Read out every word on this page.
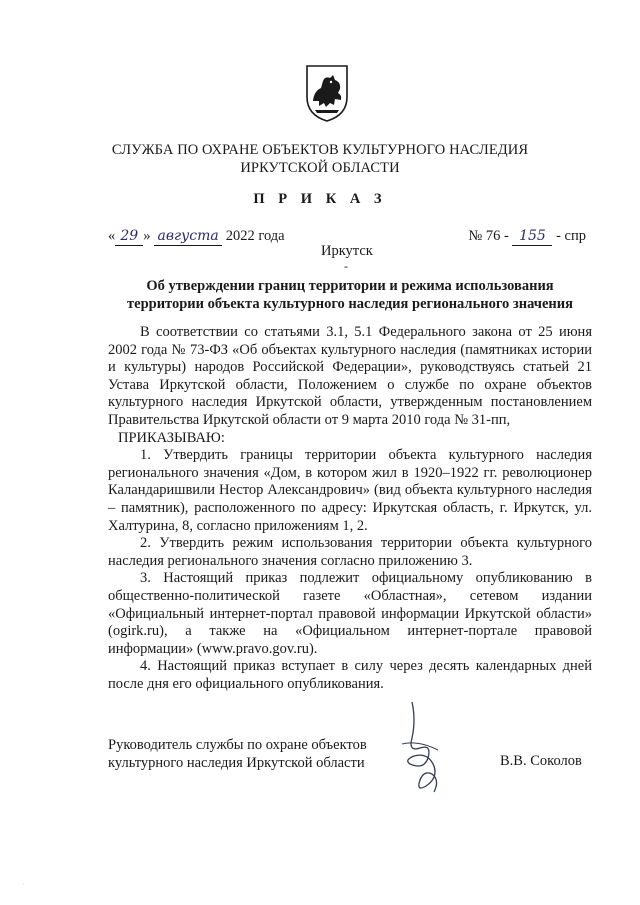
СЛУЖБА ПО ОХРАНЕ ОБЪЕКТОВ КУЛЬТУРНОГО НАСЛЕДИЯ
ИРКУТСКОЙ ОБЛАСТИ
П Р И К А З
« 29 » августа 2022 года	№ 76 - 155 - спр
Иркутск
-
Об утверждении границ территории и режима использования
территории объекта культурного наследия регионального значения

В соответствии со статьями 3.1, 5.1 Федерального закона от 25 июня 2002 года № 73-ФЗ «Об объектах культурного наследия (памятниках истории и культуры) народов Российской Федерации», руководствуясь статьей 21 Устава Иркутской области, Положением о службе по охране объектов культурного наследия Иркутской области, утвержденным постановлением Правительства Иркутской области от 9 марта 2010 года № 31-пп,

ПРИКАЗЫВАЮ:

1. Утвердить границы территории объекта культурного наследия регионального значения «Дом, в котором жил в 1920–1922 гг. революционер Каландаришвили Нестор Александрович» (вид объекта культурного наследия – памятник), расположенного по адресу: Иркутская область, г. Иркутск, ул. Халтурина, 8, согласно приложениям 1, 2.

2. Утвердить режим использования территории объекта культурного наследия регионального значения согласно приложению 3.

3. Настоящий приказ подлежит официальному опубликованию в общественно-политической газете «Областная», сетевом издании «Официальный интернет-портал правовой информации Иркутской области» (ogirk.ru), а также на «Официальном интернет-портале правовой информации» (www.pravo.gov.ru).

4. Настоящий приказ вступает в силу через десять календарных дней после дня его официального опубликования.

Руководитель службы по охране объектов
культурного наследия Иркутской области	В.В. Соколов
·
